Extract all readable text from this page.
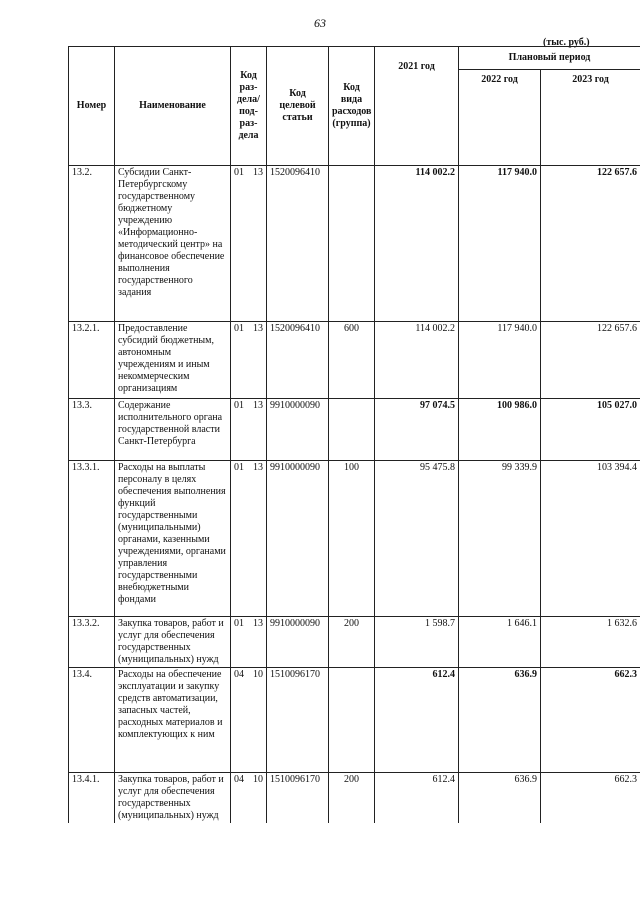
63
(тыс. руб.)
Номер	Наименование	Код раз-дела/ под-раз-дела	Код целевой статьи	Код вида расходов (группа)	2021 год	Плановый период	
						2022 год	2023 год
13.2.	Субсидии Санкт-Петербургскому государственному бюджетному учреждению «Информационно-методический центр» на финансовое обеспечение выполнения государственного задания	01 13	1520096410		114 002.2	117 940.0	122 657.6
13.2.1.	Предоставление субсидий бюджетным, автономным учреждениям и иным некоммерческим организациям	01 13	1520096410	600	114 002.2	117 940.0	122 657.6
13.3.	Содержание исполнительного органа государственной власти Санкт-Петербурга	01 13	9910000090		97 074.5	100 986.0	105 027.0
13.3.1.	Расходы на выплаты персоналу в целях обеспечения выполнения функций государственными (муниципальными) органами, казенными учреждениями, органами управления государственными внебюджетными фондами	01 13	9910000090	100	95 475.8	99 339.9	103 394.4
13.3.2.	Закупка товаров, работ и услуг для обеспечения государственных (муниципальных) нужд	01 13	9910000090	200	1 598.7	1 646.1	1 632.6
13.4.	Расходы на обеспечение эксплуатации и закупку средств автоматизации, запасных частей, расходных материалов и комплектующих к ним	04 10	1510096170		612.4	636.9	662.3
13.4.1.	Закупка товаров, работ и услуг для обеспечения государственных (муниципальных) нужд	04 10	1510096170	200	612.4	636.9	662.3
